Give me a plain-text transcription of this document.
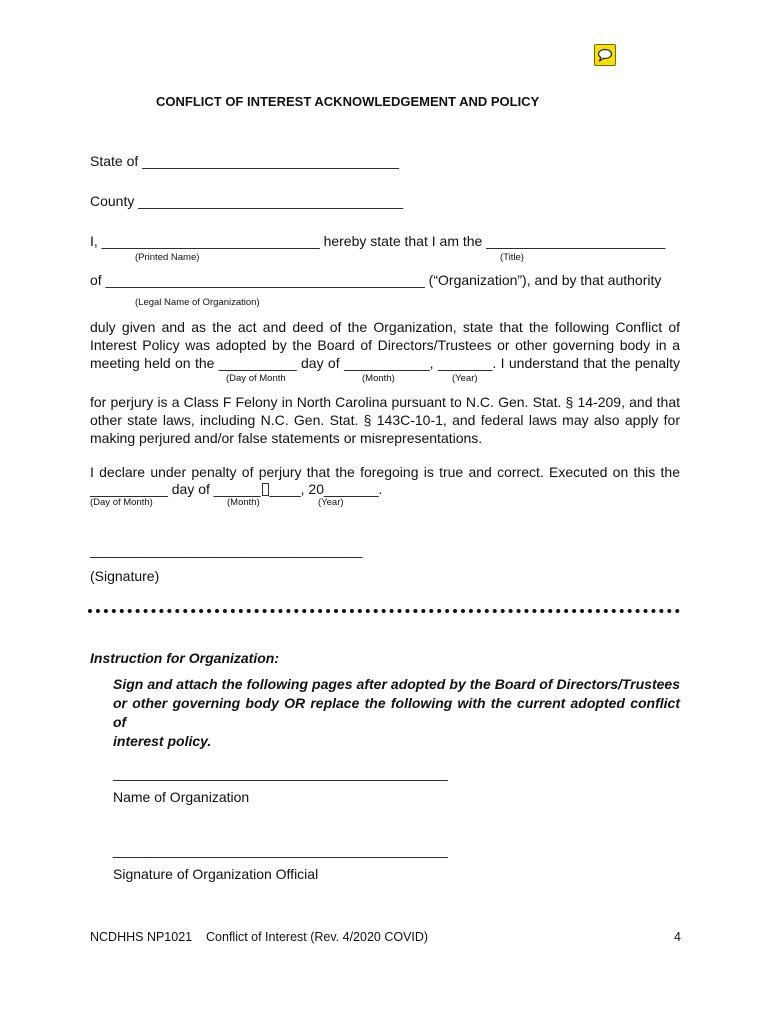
CONFLICT OF INTEREST ACKNOWLEDGEMENT AND POLICY
State of _________________________________
County __________________________________
I, ____________________________ hereby state that I am the _______________________
(Printed Name)	(Title)
of _________________________________________ (“Organization”), and by that authority
(Legal Name of Organization)
duly given and as the act and deed of the Organization, state that the following Conflict of
Interest Policy was adopted by the Board of Directors/Trustees or other governing body in a
meeting held on the __________ day of ___________, _______. I understand that the penalty
(Day of Month	(Month)	(Year)
for perjury is a Class F Felony in North Carolina pursuant to N.C. Gen. Stat. § 14-209, and that
other state laws, including N.C. Gen. Stat. § 143C-10-1, and federal laws may also apply for
making perjured and/or false statements or misrepresentations.
I declare under penalty of perjury that the foregoing is true and correct. Executed on this the
__________ day of ______ ____, 20_______.
(Day of Month)	(Month)	(Year)
___________________________________
(Signature)
Instruction for Organization:
Sign and attach the following pages after adopted by the Board of Directors/Trustees
or other governing body OR replace the following with the current adopted conflict of
interest policy.
___________________________________________
Name of Organization
___________________________________________
Signature of Organization Official
NCDHHS NP1021    Conflict of Interest (Rev. 4/2020 COVID)	4
